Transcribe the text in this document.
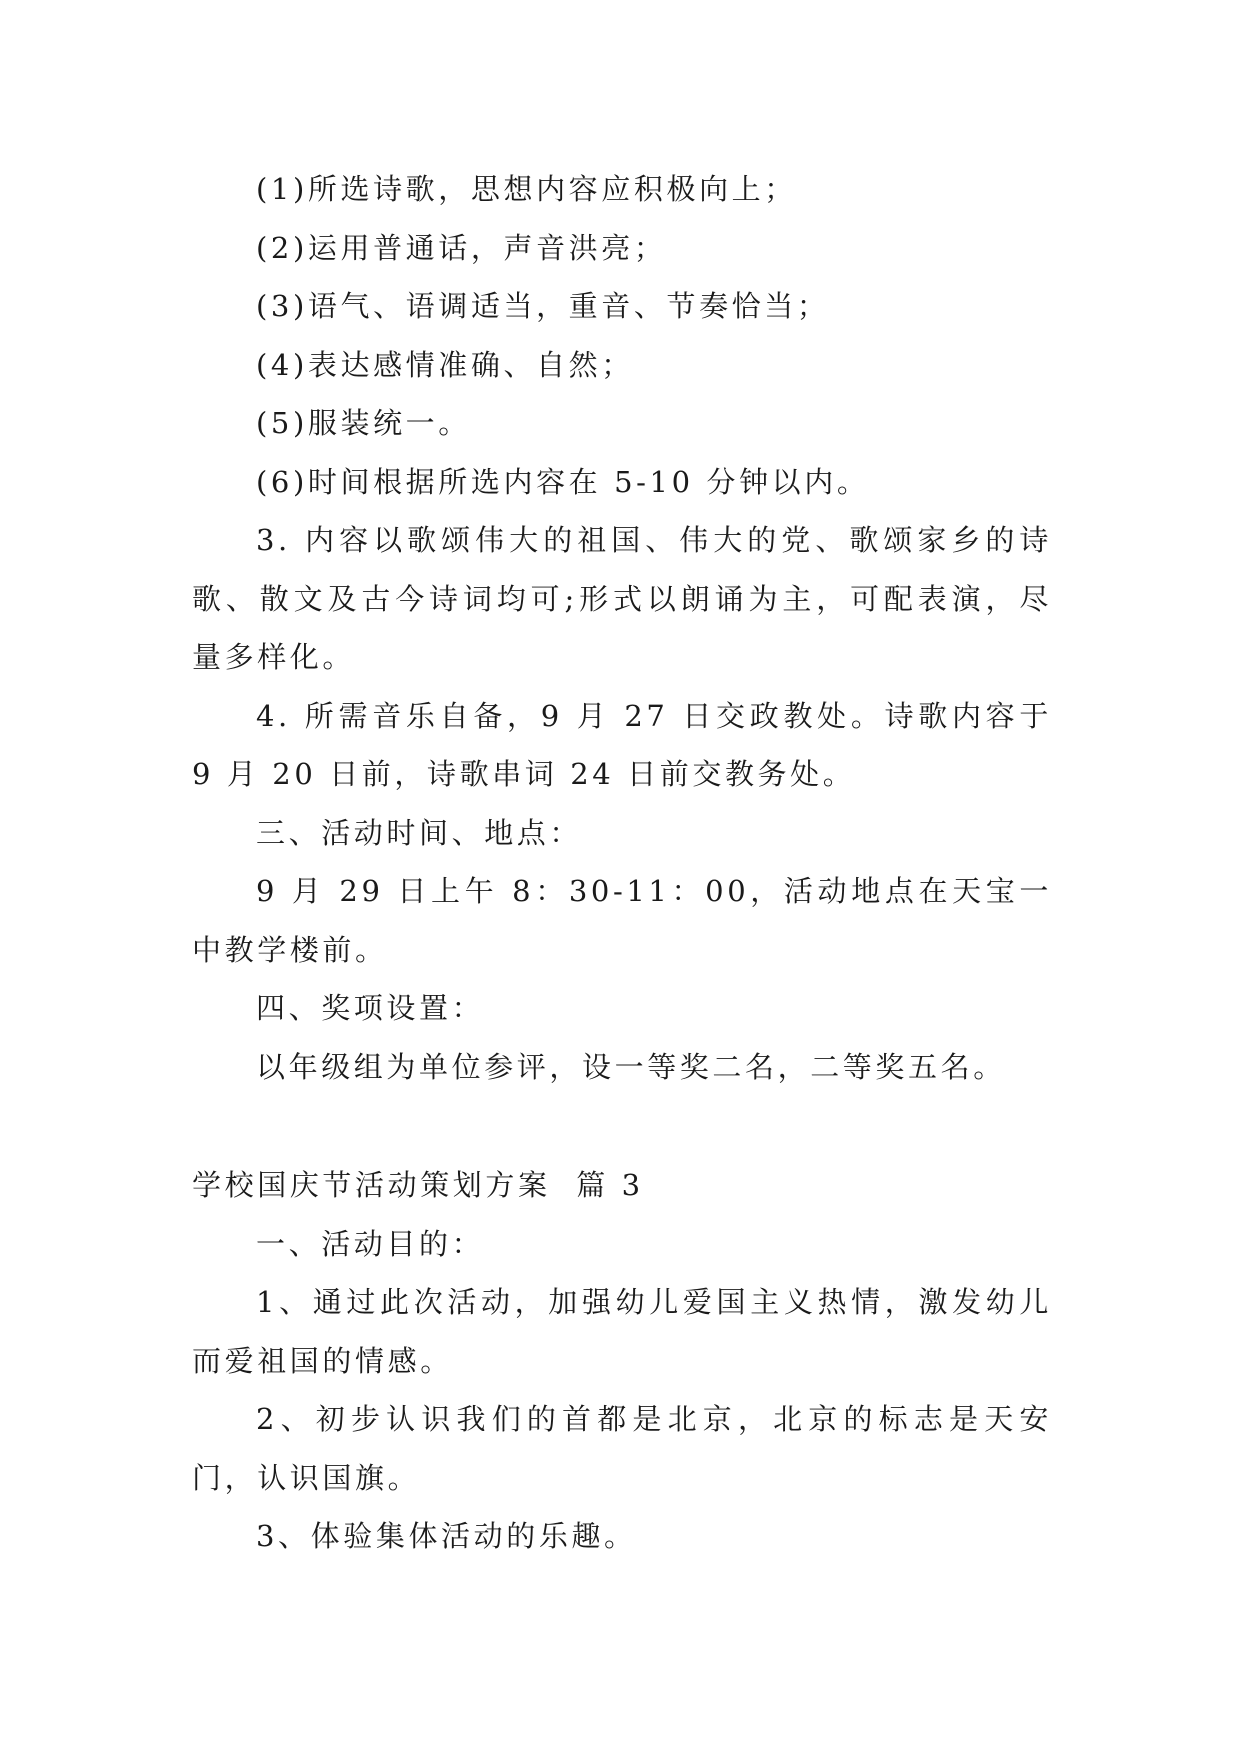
(1)所选诗歌，思想内容应积极向上；

(2)运用普通话，声音洪亮；

(3)语气、语调适当，重音、节奏恰当；

(4)表达感情准确、自然；

(5)服装统一。

(6)时间根据所选内容在 5-10 分钟以内。

3. 内容以歌颂伟大的祖国、伟大的党、歌颂家乡的诗歌、散文及古今诗词均可;形式以朗诵为主，可配表演，尽量多样化。

4. 所需音乐自备，9 月 27 日交政教处。诗歌内容于 9 月 20 日前，诗歌串词 24 日前交教务处。

三、活动时间、地点：

9 月 29 日上午 8：30-11：00，活动地点在天宝一中教学楼前。

四、奖项设置：

以年级组为单位参评，设一等奖二名，二等奖五名。

学校国庆节活动策划方案  篇 3

一、活动目的：

1、通过此次活动，加强幼儿爱国主义热情，激发幼儿而爱祖国的情感。

2、初步认识我们的首都是北京，北京的标志是天安门，认识国旗。

3、体验集体活动的乐趣。
